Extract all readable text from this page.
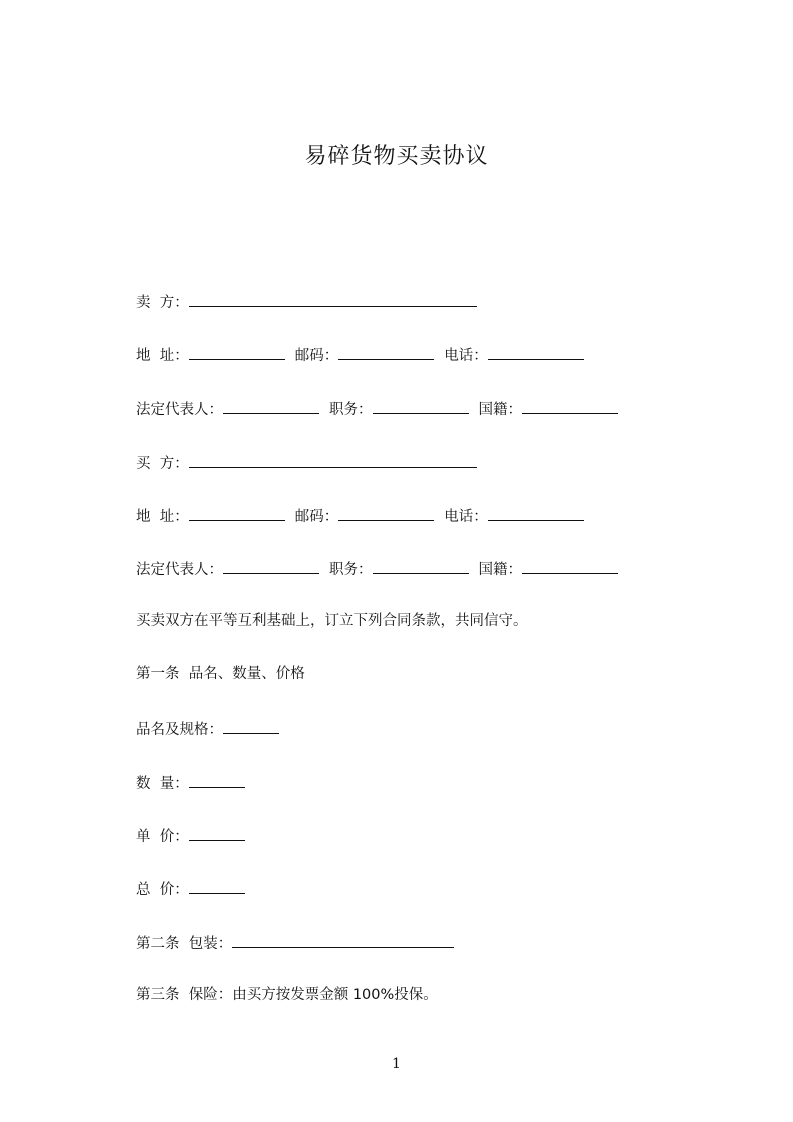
易碎货物买卖协议
卖  方：
地  址：	邮码：	电话：
法定代表人：	职务：	国籍：
买  方：
地  址：	邮码：	电话：
法定代表人：	职务：	国籍：
买卖双方在平等互利基础上，订立下列合同条款，共同信守。
第一条  品名、数量、价格
品名及规格：
数  量：
单  价：
总  价：
第二条  包装：
第三条  保险：由买方按发票金额 100%投保。
1
